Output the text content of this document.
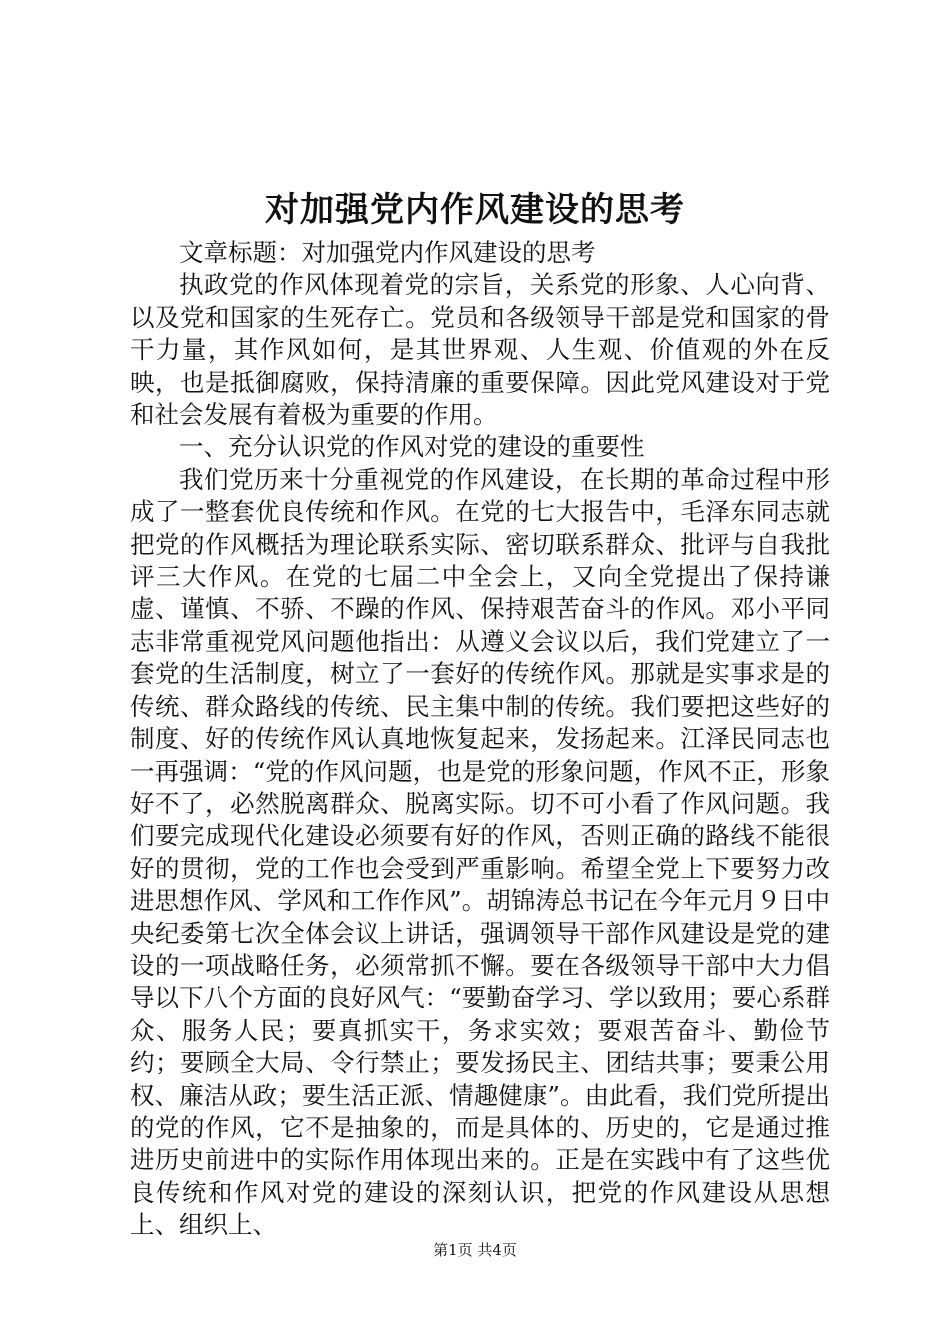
对加强党内作风建设的思考

文章标题：对加强党内作风建设的思考

执政党的作风体现着党的宗旨，关系党的形象、人心向背、以及党和国家的生死存亡。党员和各级领导干部是党和国家的骨干力量，其作风如何，是其世界观、人生观、价值观的外在反映，也是抵御腐败，保持清廉的重要保障。因此党风建设对于党和社会发展有着极为重要的作用。

一、充分认识党的作风对党的建设的重要性

我们党历来十分重视党的作风建设，在长期的革命过程中形成了一整套优良传统和作风。在党的七大报告中，毛泽东同志就把党的作风概括为理论联系实际、密切联系群众、批评与自我批评三大作风。在党的七届二中全会上，又向全党提出了保持谦虚、谨慎、不骄、不躁的作风、保持艰苦奋斗的作风。邓小平同志非常重视党风问题他指出：从遵义会议以后，我们党建立了一套党的生活制度，树立了一套好的传统作风。那就是实事求是的传统、群众路线的传统、民主集中制的传统。我们要把这些好的制度、好的传统作风认真地恢复起来，发扬起来。江泽民同志也一再强调：“党的作风问题，也是党的形象问题，作风不正，形象好不了，必然脱离群众、脱离实际。切不可小看了作风问题。我们要完成现代化建设必须要有好的作风，否则正确的路线不能很好的贯彻，党的工作也会受到严重影响。希望全党上下要努力改进思想作风、学风和工作作风”。胡锦涛总书记在今年元月９日中央纪委第七次全体会议上讲话，强调领导干部作风建设是党的建设的一项战略任务，必须常抓不懈。要在各级领导干部中大力倡导以下八个方面的良好风气：“要勤奋学习、学以致用；要心系群众、服务人民；要真抓实干，务求实效；要艰苦奋斗、勤俭节约；要顾全大局、令行禁止；要发扬民主、团结共事；要秉公用权、廉洁从政；要生活正派、情趣健康”。由此看，我们党所提出的党的作风，它不是抽象的，而是具体的、历史的，它是通过推进历史前进中的实际作用体现出来的。正是在实践中有了这些优良传统和作风对党的建设的深刻认识，把党的作风建设从思想上、组织上、

第1页 共4页
